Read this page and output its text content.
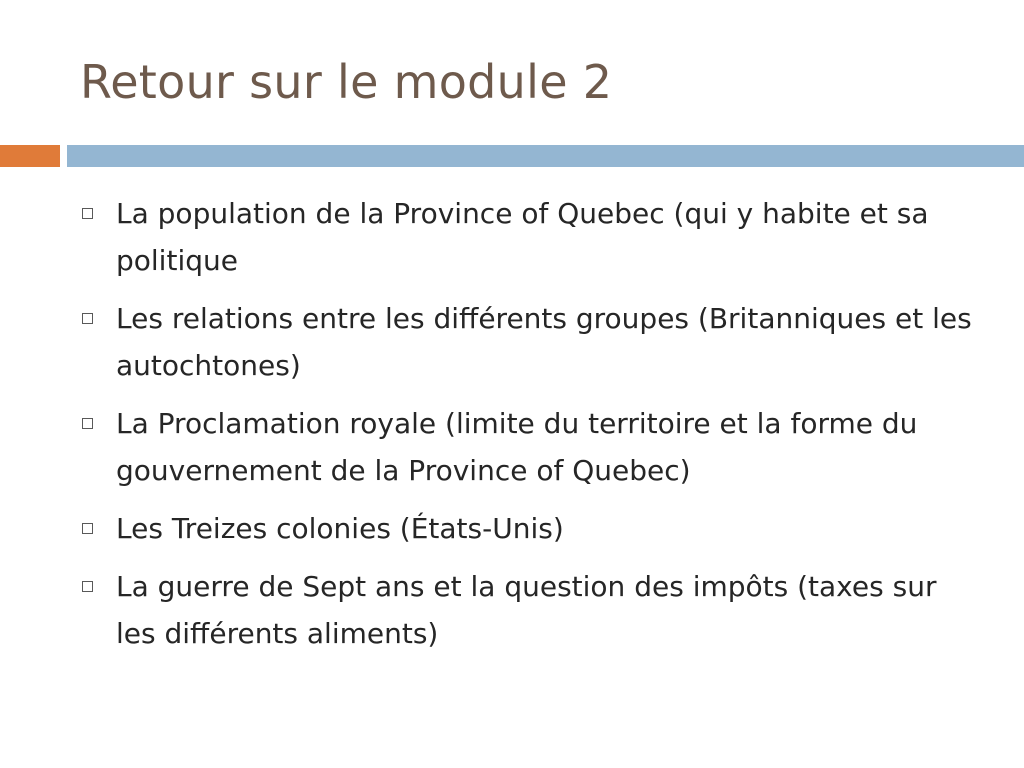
Retour sur le module 2
La population de la Province of Quebec (qui y habite et sa politique
Les relations entre les différents groupes (Britanniques et les autochtones)
La Proclamation royale (limite du territoire et la forme du gouvernement de la Province of Quebec)
Les Treizes colonies (États-Unis)
La guerre de Sept ans et la question des impôts (taxes sur les différents aliments)
